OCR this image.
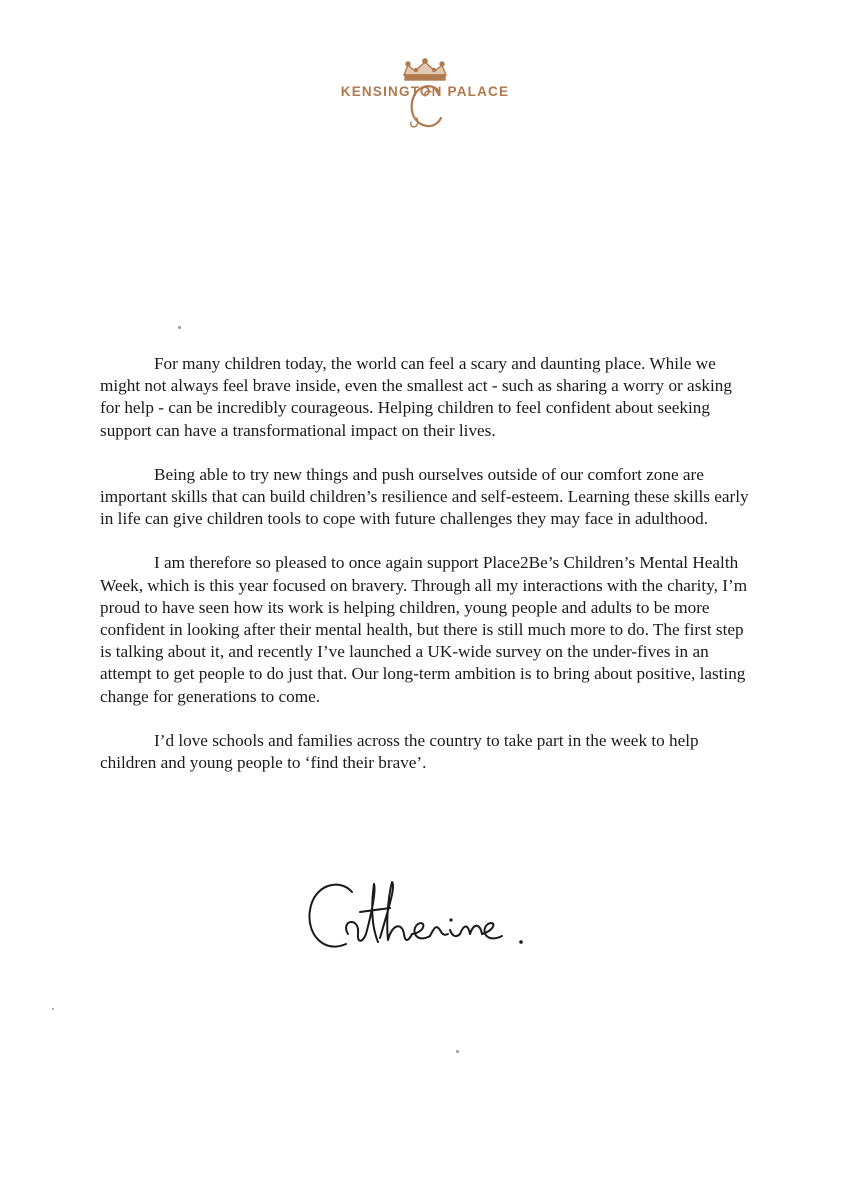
KENSINGTON PALACE

For many children today, the world can feel a scary and daunting place. While we might not always feel brave inside, even the smallest act - such as sharing a worry or asking for help - can be incredibly courageous. Helping children to feel confident about seeking support can have a transformational impact on their lives.

Being able to try new things and push ourselves outside of our comfort zone are important skills that can build children’s resilience and self-esteem. Learning these skills early in life can give children tools to cope with future challenges they may face in adulthood.

I am therefore so pleased to once again support Place2Be’s Children’s Mental Health Week, which is this year focused on bravery. Through all my interactions with the charity, I’m proud to have seen how its work is helping children, young people and adults to be more confident in looking after their mental health, but there is still much more to do. The first step is talking about it, and recently I’ve launched a UK-wide survey on the under-fives in an attempt to get people to do just that. Our long-term ambition is to bring about positive, lasting change for generations to come.

I’d love schools and families across the country to take part in the week to help children and young people to ‘find their brave’.
